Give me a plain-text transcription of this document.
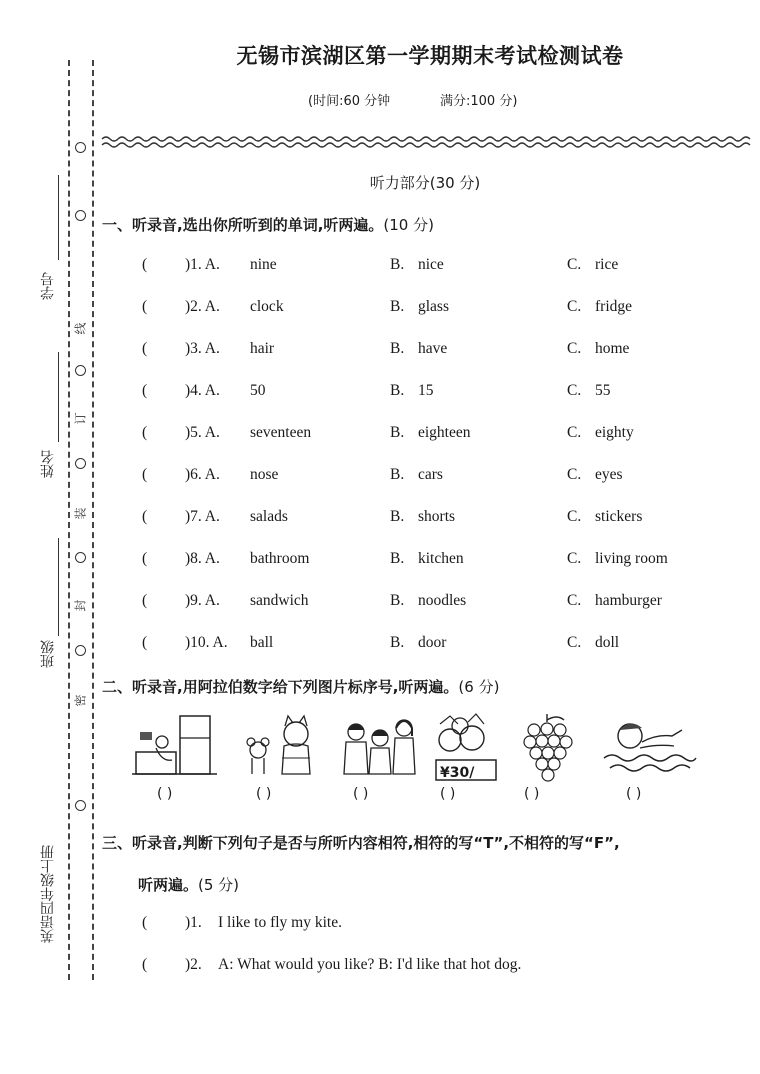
学号
姓名
班级
英语四年级上册
线
订
装
封
密
无锡市滨湖区第一学期期末考试检测试卷
(时间:60 分钟	满分:100 分)
听力部分(30 分)
一、听录音,选出你所听到的单词,听两遍。(10 分)
( )1. A. nine	B. nice	C. rice
( )2. A. clock	B. glass	C. fridge
( )3. A. hair	B. have	C. home
( )4. A. 50	B. 15	C. 55
( )5. A. seventeen	B. eighteen	C. eighty
( )6. A. nose	B. cars	C. eyes
( )7. A. salads	B. shorts	C. stickers
( )8. A. bathroom	B. kitchen	C. living room
( )9. A. sandwich	B. noodles	C. hamburger
( )10. A. ball	B. door	C. doll
二、听录音,用阿拉伯数字给下列图片标序号,听两遍。(6 分)
¥30/
( )	( )	( )	( )	( )	( )
三、听录音,判断下列句子是否与所听内容相符,相符的写“T”,不相符的写“F”,
听两遍。(5 分)
( )1. I like to fly my kite.
( )2. A: What would you like? B: I'd like that hot dog.
